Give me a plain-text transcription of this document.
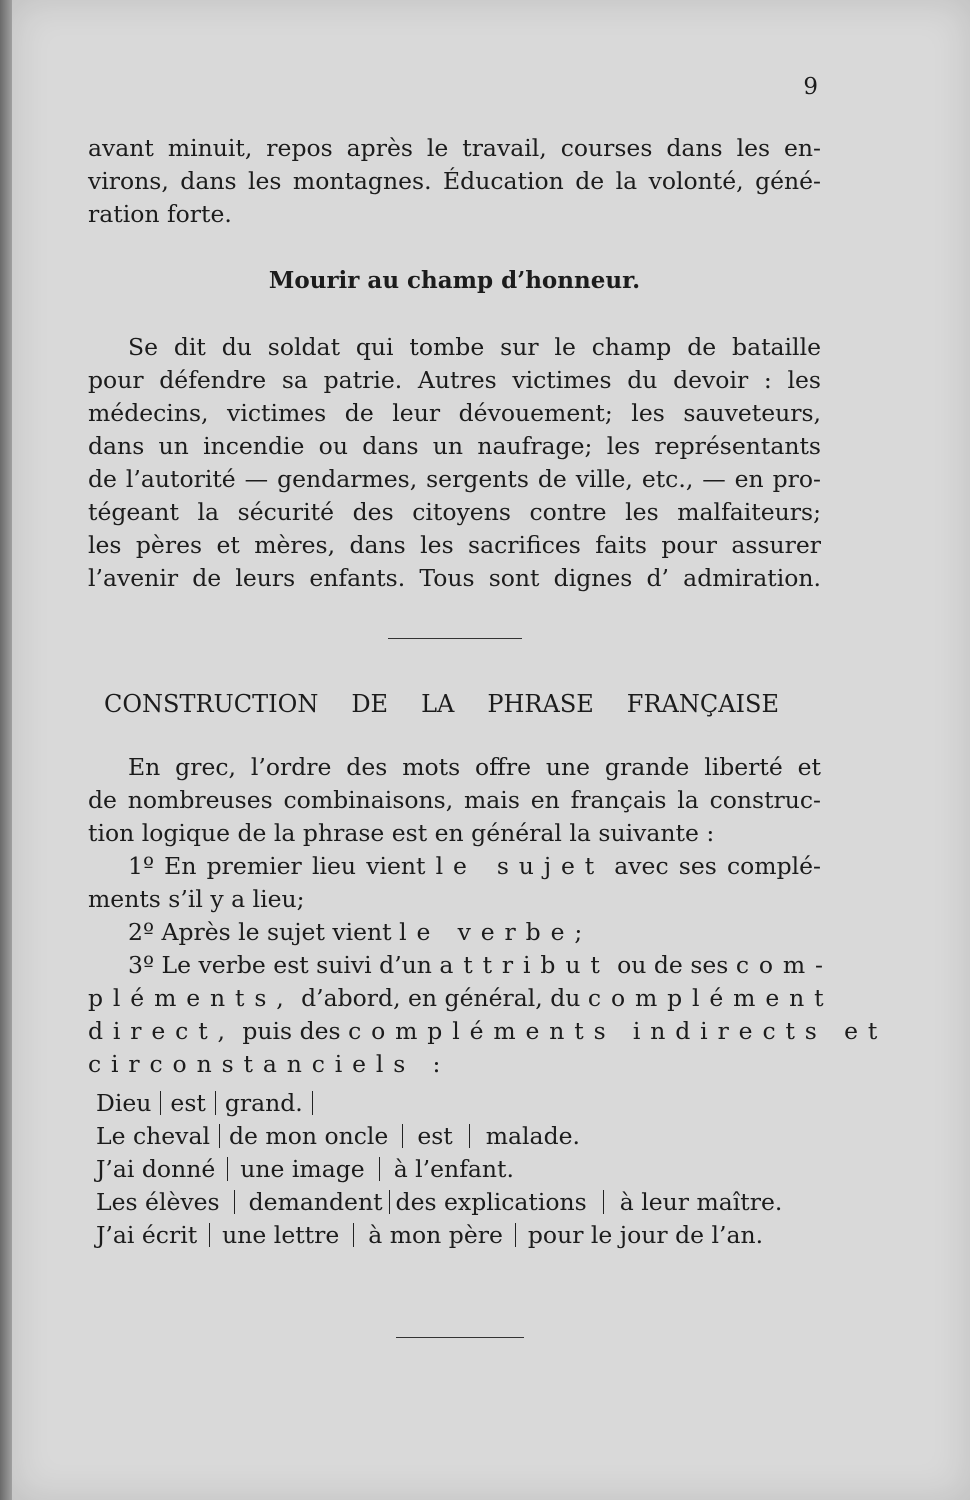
9
avant minuit, repos après le travail, courses dans les en-
virons, dans les montagnes. Éducation de la volonté, géné-
ration forte.
Mourir au champ d’honneur.
Se dit du soldat qui tombe sur le champ de bataille
pour défendre sa patrie. Autres victimes du devoir : les
médecins, victimes de leur dévouement; les sauveteurs,
dans un incendie ou dans un naufrage; les représentants
de l’autorité — gendarmes, sergents de ville, etc., — en pro-
tégeant la sécurité des citoyens contre les malfaiteurs;
les pères et mères, dans les sacrifices faits pour assurer
l’avenir de leurs enfants. Tous sont dignes d’ admiration.
CONSTRUCTION DE LA PHRASE FRANÇAISE
En grec, l’ordre des mots offre une grande liberté et
de nombreuses combinaisons, mais en français la construc-
tion logique de la phrase est en général la suivante :
1º En premier lieu vient le sujet avec ses complé-
ments s’il y a lieu;
2º Après le sujet vient le verbe;
3º Le verbe est suivi d’un attribut ou de ses com-
pléments, d’abord, en général, du complément
direct, puis des compléments indirects et
circonstanciels :
Dieu est grand.
Le cheval de mon oncle est malade.
J’ai donné une image à l’enfant.
Les élèves demandent des explications à leur maître.
J’ai écrit une lettre à mon père pour le jour de l’an.
